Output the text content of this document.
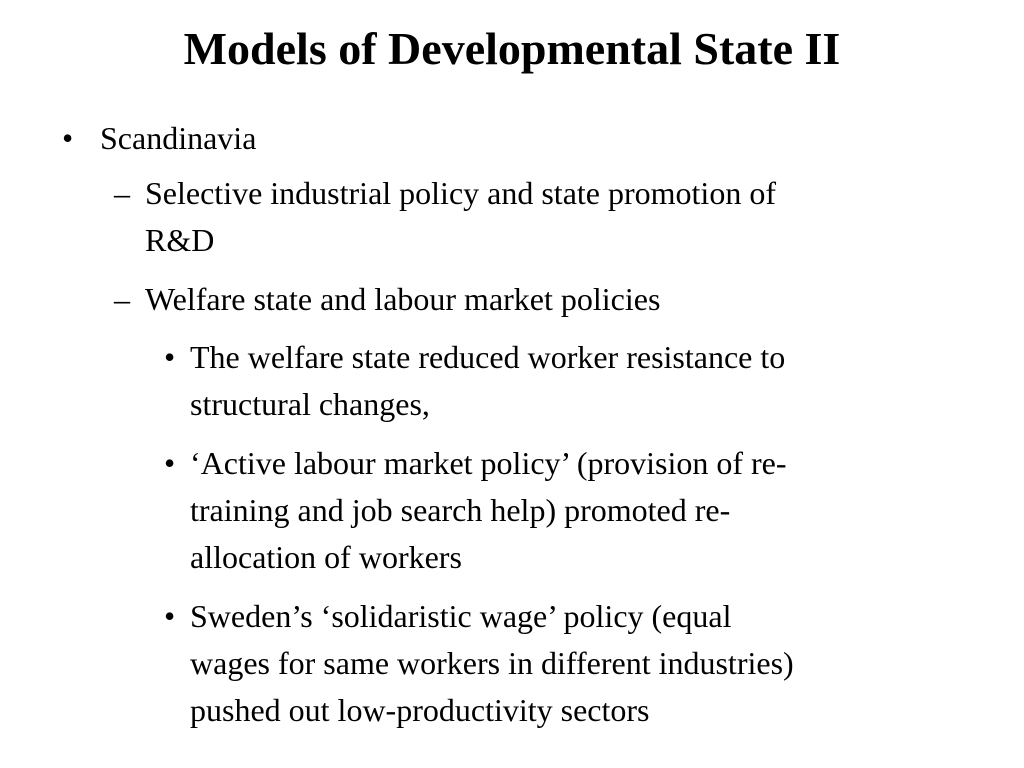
Models of Developmental State II
• Scandinavia
– Selective industrial policy and state promotion of
R&D
– Welfare state and labour market policies
• The welfare state reduced worker resistance to
structural changes,
• ‘Active labour market policy’ (provision of re-
training and job search help) promoted re-
allocation of workers
• Sweden’s ‘solidaristic wage’ policy (equal
wages for same workers in different industries)
pushed out low-productivity sectors
